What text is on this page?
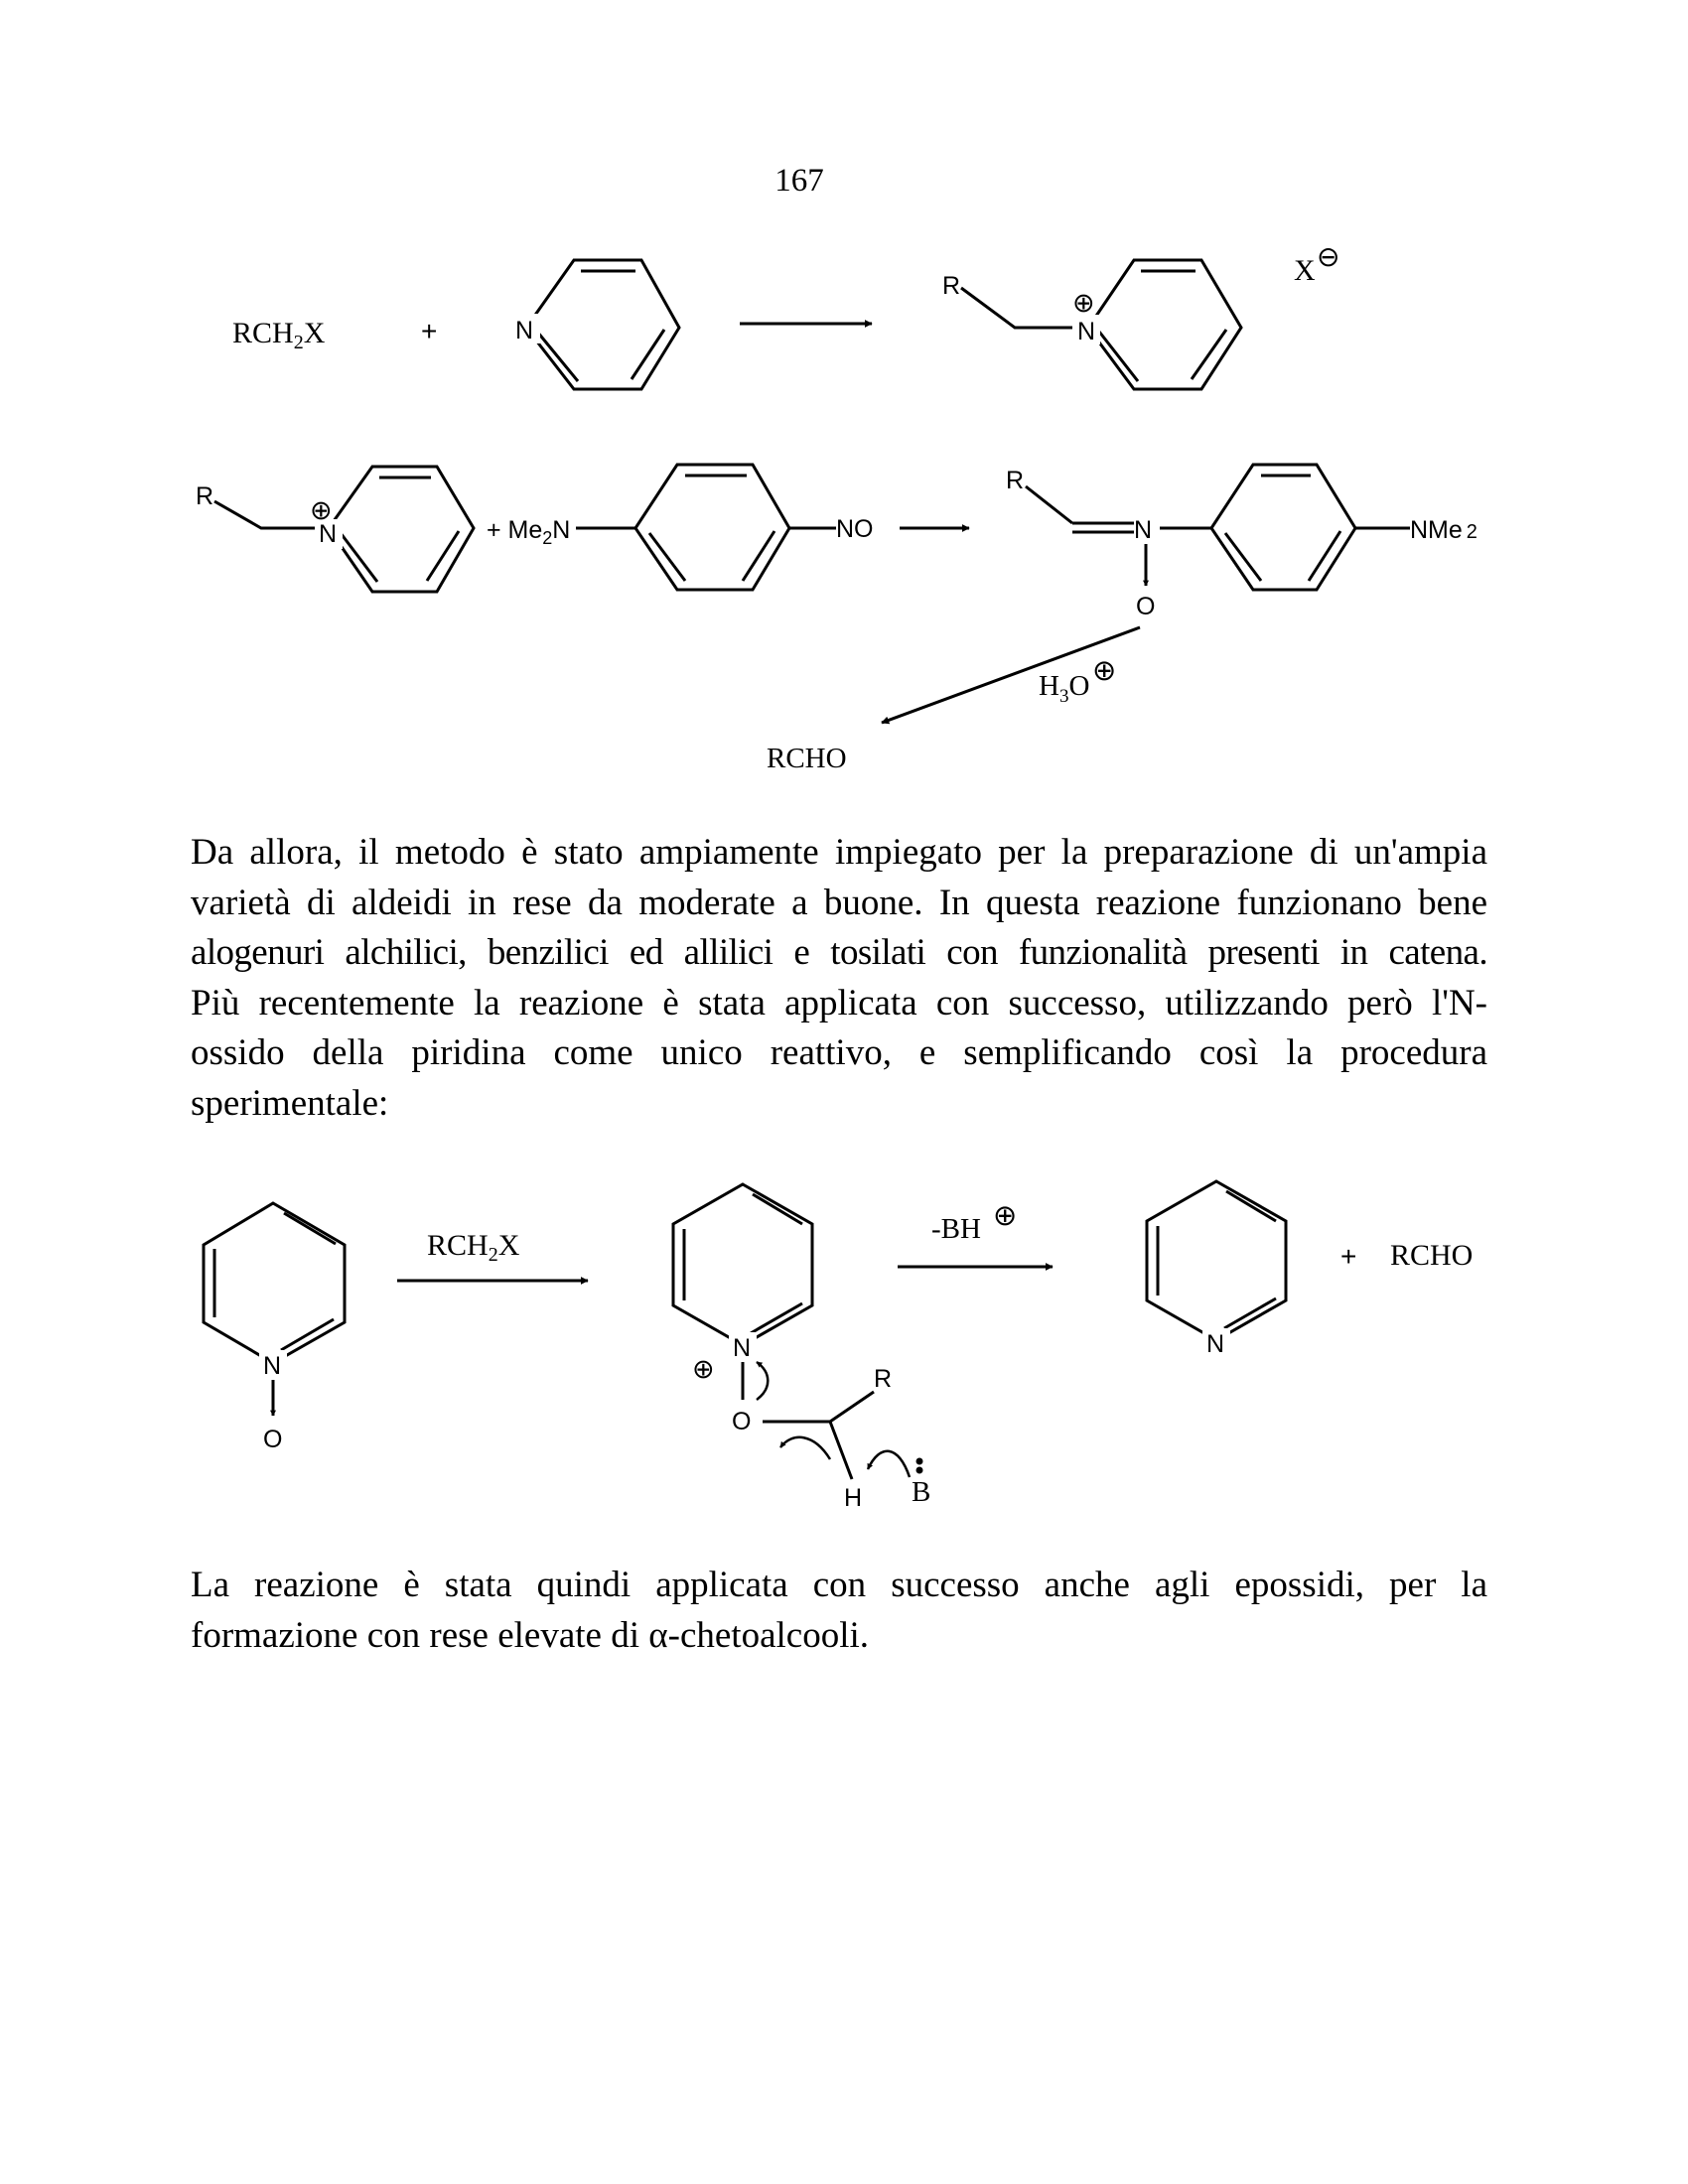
167
$RCH_2X$	+	N
R
N
⊕
X ⊖
R
N
⊕
+ $Me_2N$	NO
R
N
O
NMe 2
$H_3O$ ⊕
RCHO
Da allora, il metodo è stato ampiamente impiegato per la preparazione di un'ampia
varietà di aldeidi in rese da moderate a buone. In questa reazione funzionano bene
alogenuri alchilici, benzilici ed allilici e tosilati con funzionalità presenti in catena.
Più recentemente la reazione è stata applicata con successo, utilizzando però l'N-
ossido della piridina come unico reattivo, e semplificando così la procedura
sperimentale:
N
O
$RCH_2X$
N
⊕
O
R
H B
-BH ⊕
N
+ RCHO
La reazione è stata quindi applicata con successo anche agli epossidi, per la
formazione con rese elevate di α-chetoalcooli.
